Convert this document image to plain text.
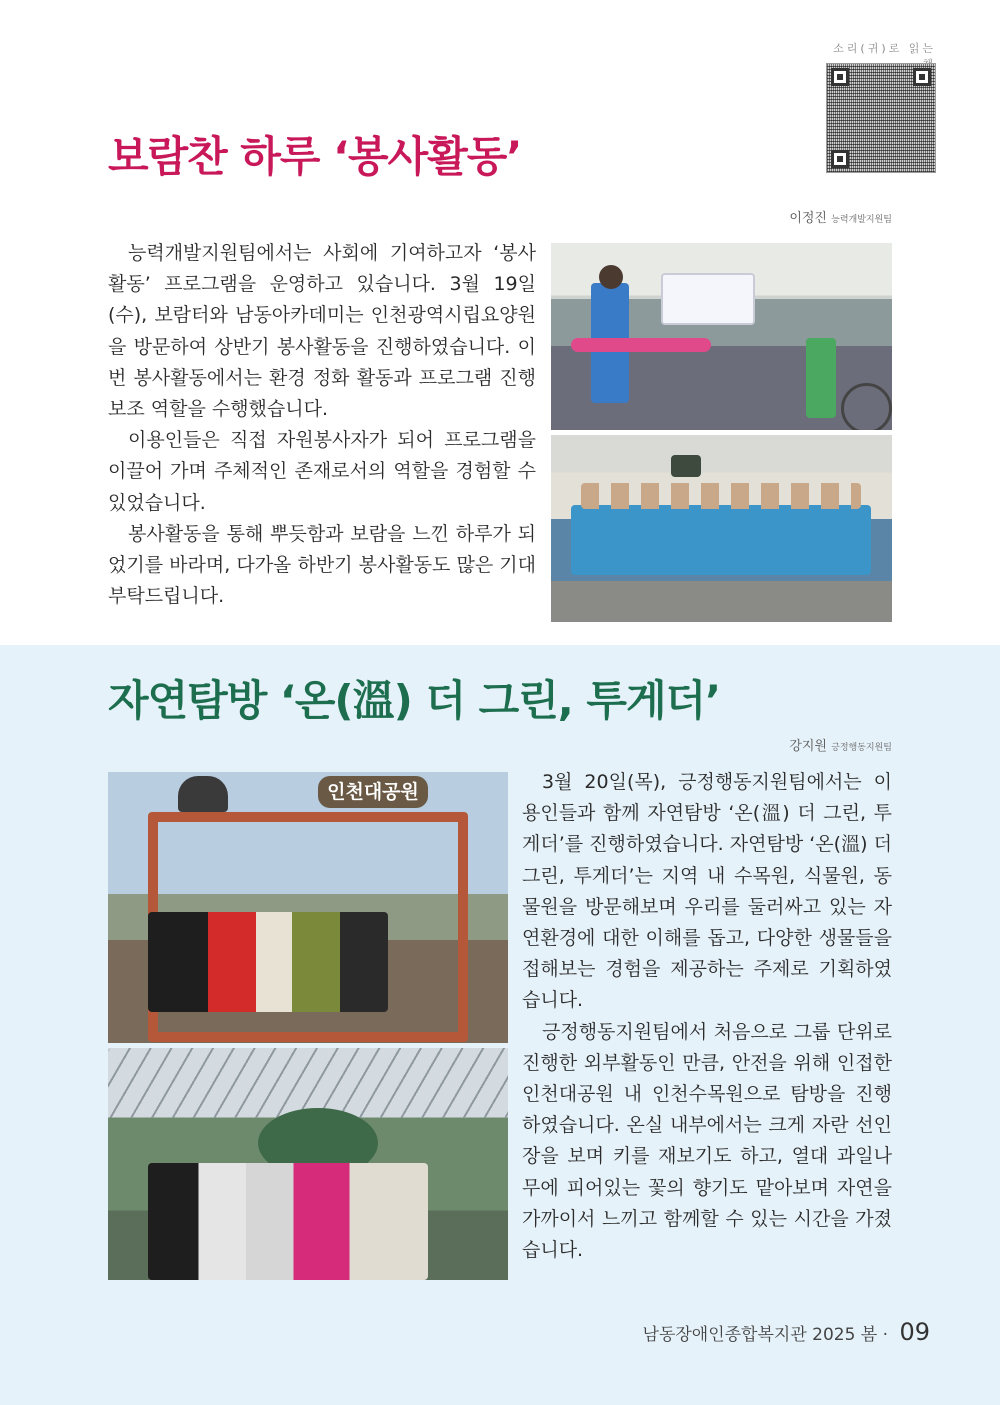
소리(귀)로 읽는
보람찬 하루 ‘봉사활동’
이정진 능력개발지원팀

능력개발지원팀에서는 사회에 기여하고자 ‘봉사활동’ 프로그램을 운영하고 있습니다. 3월 19일(수), 보람터와 남동아카데미는 인천광역시립요양원을 방문하여 상반기 봉사활동을 진행하였습니다. 이번 봉사활동에서는 환경 정화 활동과 프로그램 진행 보조 역할을 수행했습니다.

이용인들은 직접 자원봉사자가 되어 프로그램을 이끌어 가며 주체적인 존재로서의 역할을 경험할 수 있었습니다.

봉사활동을 통해 뿌듯함과 보람을 느낀 하루가 되었기를 바라며, 다가올 하반기 봉사활동도 많은 기대 부탁드립니다.

자연탐방 ‘온(溫) 더 그린, 투게더’
강지원 긍정행동지원팀
인천대공원	3월 20일(목), 긍정행동지원팀에서는 이용인들과 함께 자연탐방 ‘온(溫) 더 그린, 투게더’를 진행하였습니다. 자연탐방 ‘온(溫) 더 그린, 투게더’는 지역 내 수목원, 식물원, 동물원을 방문해보며 우리를 둘러싸고 있는 자연환경에 대한 이해를 돕고, 다양한 생물들을 접해보는 경험을 제공하는 주제로 기획하였습니다.

긍정행동지원팀에서 처음으로 그룹 단위로 진행한 외부활동인 만큼, 안전을 위해 인접한 인천대공원 내 인천수목원으로 탐방을 진행하였습니다. 온실 내부에서는 크게 자란 선인장을 보며 키를 재보기도 하고, 열대 과일나무에 피어있는 꽃의 향기도 맡아보며 자연을 가까이서 느끼고 함께할 수 있는 시간을 가졌습니다.

남동장애인종합복지관 2025 봄 · 09
